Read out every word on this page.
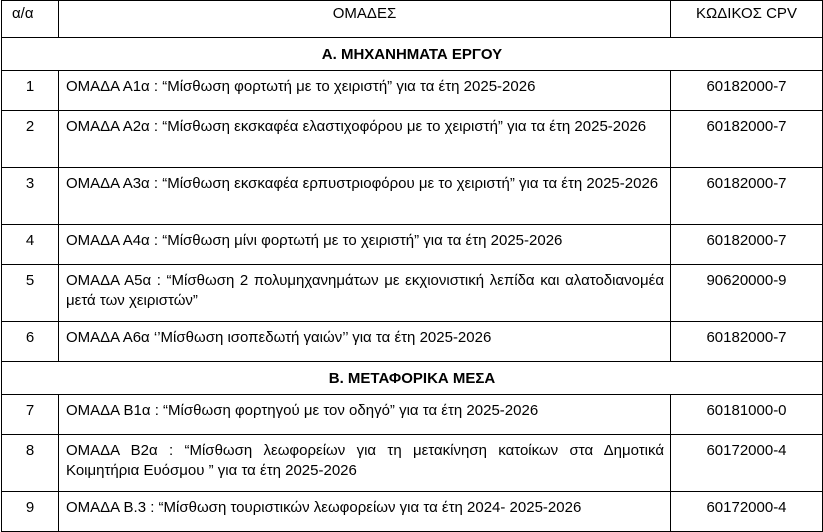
α/α	ΟΜΑΔΕΣ	ΚΩΔΙΚΟΣ CPV
Α. ΜΗΧΑΝΗΜΑΤΑ ΕΡΓΟΥ		
1	ΟΜΑΔΑ Α1α : “Μίσθωση φορτωτή με το χειριστή” για τα έτη 2025-2026	60182000-7
2	ΟΜΑΔΑ Α2α : “Μίσθωση εκσκαφέα ελαστιχοφόρου με το χειριστή” για τα έτη 2025-2026	60182000-7
3	ΟΜΑΔΑ Α3α : “Μίσθωση εκσκαφέα ερπυστριοφόρου με το χειριστή” για τα έτη 2025-2026	60182000-7
4	ΟΜΑΔΑ Α4α : “Μίσθωση μίνι φορτωτή με το χειριστή” για τα έτη 2025-2026	60182000-7
5	ΟΜΑΔΑ Α5α : “Μίσθωση 2 πολυμηχανημάτων με εκχιονιστική λεπίδα και αλατοδιανομέα μετά των χειριστών”	90620000-9
6	ΟΜΑΔΑ Α6α ‘’Μίσθωση ισοπεδωτή γαιών’’ για τα έτη 2025-2026	60182000-7
Β. ΜΕΤΑΦΟΡΙΚΑ ΜΕΣΑ		
7	ΟΜΑΔΑ Β1α : “Μίσθωση φορτηγού με τον οδηγό” για τα έτη 2025-2026	60181000-0
8	ΟΜΑΔΑ Β2α : “Μίσθωση λεωφορείων για τη μετακίνηση κατοίκων στα Δημοτικά Κοιμητήρια Ευόσμου ” για τα έτη 2025-2026	60172000-4
9	ΟΜΑΔΑ Β.3 : “Μίσθωση τουριστικών λεωφορείων για τα έτη 2024- 2025-2026	60172000-4
